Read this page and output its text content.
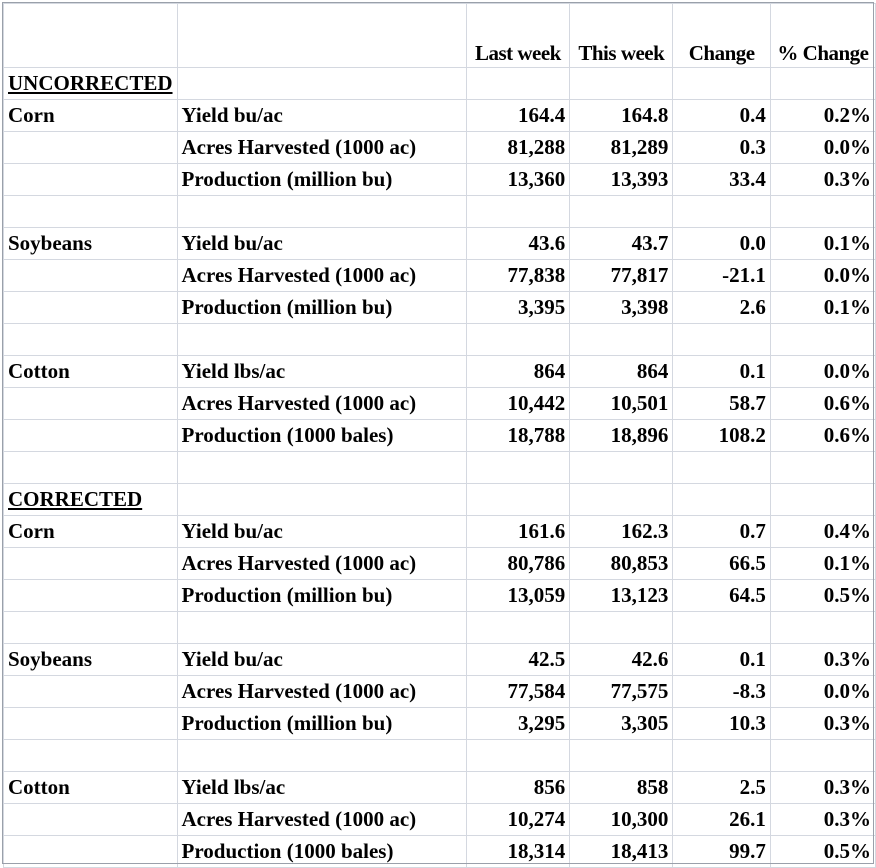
		Last week	This week	Change	% Change
UNCORRECTED					
Corn	Yield bu/ac	164.4	164.8	0.4	0.2%
	Acres Harvested (1000 ac)	81,288	81,289	0.3	0.0%
	Production (million bu)	13,360	13,393	33.4	0.3%

Soybeans	Yield bu/ac	43.6	43.7	0.0	0.1%
	Acres Harvested (1000 ac)	77,838	77,817	-21.1	0.0%
	Production (million bu)	3,395	3,398	2.6	0.1%

Cotton	Yield lbs/ac	864	864	0.1	0.0%
	Acres Harvested (1000 ac)	10,442	10,501	58.7	0.6%
	Production (1000 bales)	18,788	18,896	108.2	0.6%

CORRECTED					
Corn	Yield bu/ac	161.6	162.3	0.7	0.4%
	Acres Harvested (1000 ac)	80,786	80,853	66.5	0.1%
	Production (million bu)	13,059	13,123	64.5	0.5%

Soybeans	Yield bu/ac	42.5	42.6	0.1	0.3%
	Acres Harvested (1000 ac)	77,584	77,575	-8.3	0.0%
	Production (million bu)	3,295	3,305	10.3	0.3%

Cotton	Yield lbs/ac	856	858	2.5	0.3%
	Acres Harvested (1000 ac)	10,274	10,300	26.1	0.3%
	Production (1000 bales)	18,314	18,413	99.7	0.5%
